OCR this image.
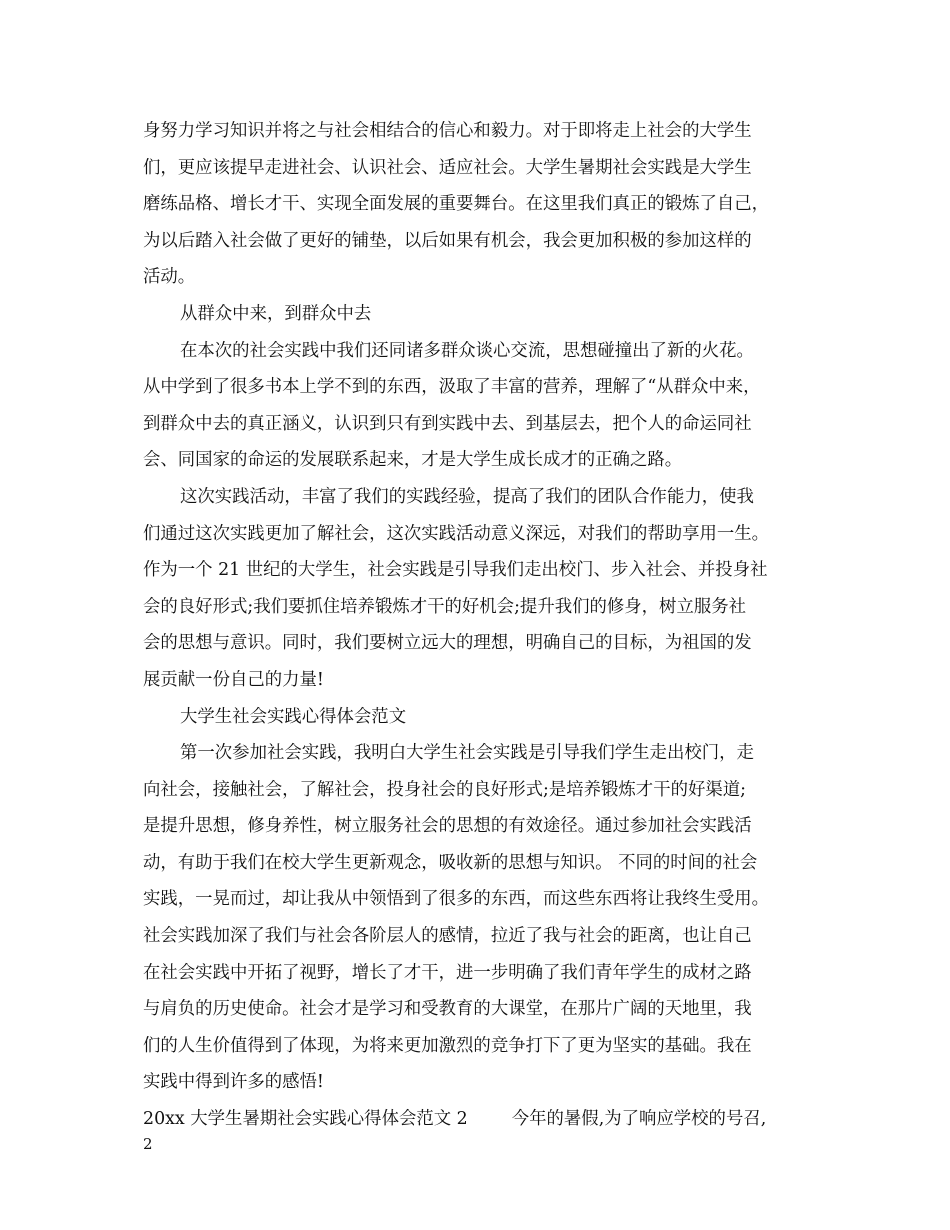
身努力学习知识并将之与社会相结合的信心和毅力。对于即将走上社会的大学生
们，更应该提早走进社会、认识社会、适应社会。大学生暑期社会实践是大学生
磨练品格、增长才干、实现全面发展的重要舞台。在这里我们真正的锻炼了自己，
为以后踏入社会做了更好的铺垫，以后如果有机会，我会更加积极的参加这样的
活动。
从群众中来，到群众中去
在本次的社会实践中我们还同诸多群众谈心交流，思想碰撞出了新的火花。
从中学到了很多书本上学不到的东西，汲取了丰富的营养，理解了“从群众中来，
到群众中去的真正涵义，认识到只有到实践中去、到基层去，把个人的命运同社
会、同国家的命运的发展联系起来，才是大学生成长成才的正确之路。
这次实践活动，丰富了我们的实践经验，提高了我们的团队合作能力，使我
们通过这次实践更加了解社会，这次实践活动意义深远，对我们的帮助享用一生。
作为一个 21 世纪的大学生，社会实践是引导我们走出校门、步入社会、并投身社
会的良好形式;我们要抓住培养锻炼才干的好机会;提升我们的修身，树立服务社
会的思想与意识。同时，我们要树立远大的理想，明确自己的目标，为祖国的发
展贡献一份自己的力量!
大学生社会实践心得体会范文
第一次参加社会实践，我明白大学生社会实践是引导我们学生走出校门，走
向社会，接触社会，了解社会，投身社会的良好形式;是培养锻炼才干的好渠道;
是提升思想，修身养性，树立服务社会的思想的有效途径。通过参加社会实践活
动，有助于我们在校大学生更新观念，吸收新的思想与知识。 不同的时间的社会
实践，一晃而过，却让我从中领悟到了很多的东西，而这些东西将让我终生受用。
社会实践加深了我们与社会各阶层人的感情，拉近了我与社会的距离，也让自己
在社会实践中开拓了视野，增长了才干，进一步明确了我们青年学生的成材之路
与肩负的历史使命。社会才是学习和受教育的大课堂，在那片广阔的天地里，我
们的人生价值得到了体现，为将来更加激烈的竞争打下了更为坚实的基础。我在
实践中得到许多的感悟!
20xx 大学生暑期社会实践心得体会范文 2	今年的暑假,为了响应学校的号召,
2
